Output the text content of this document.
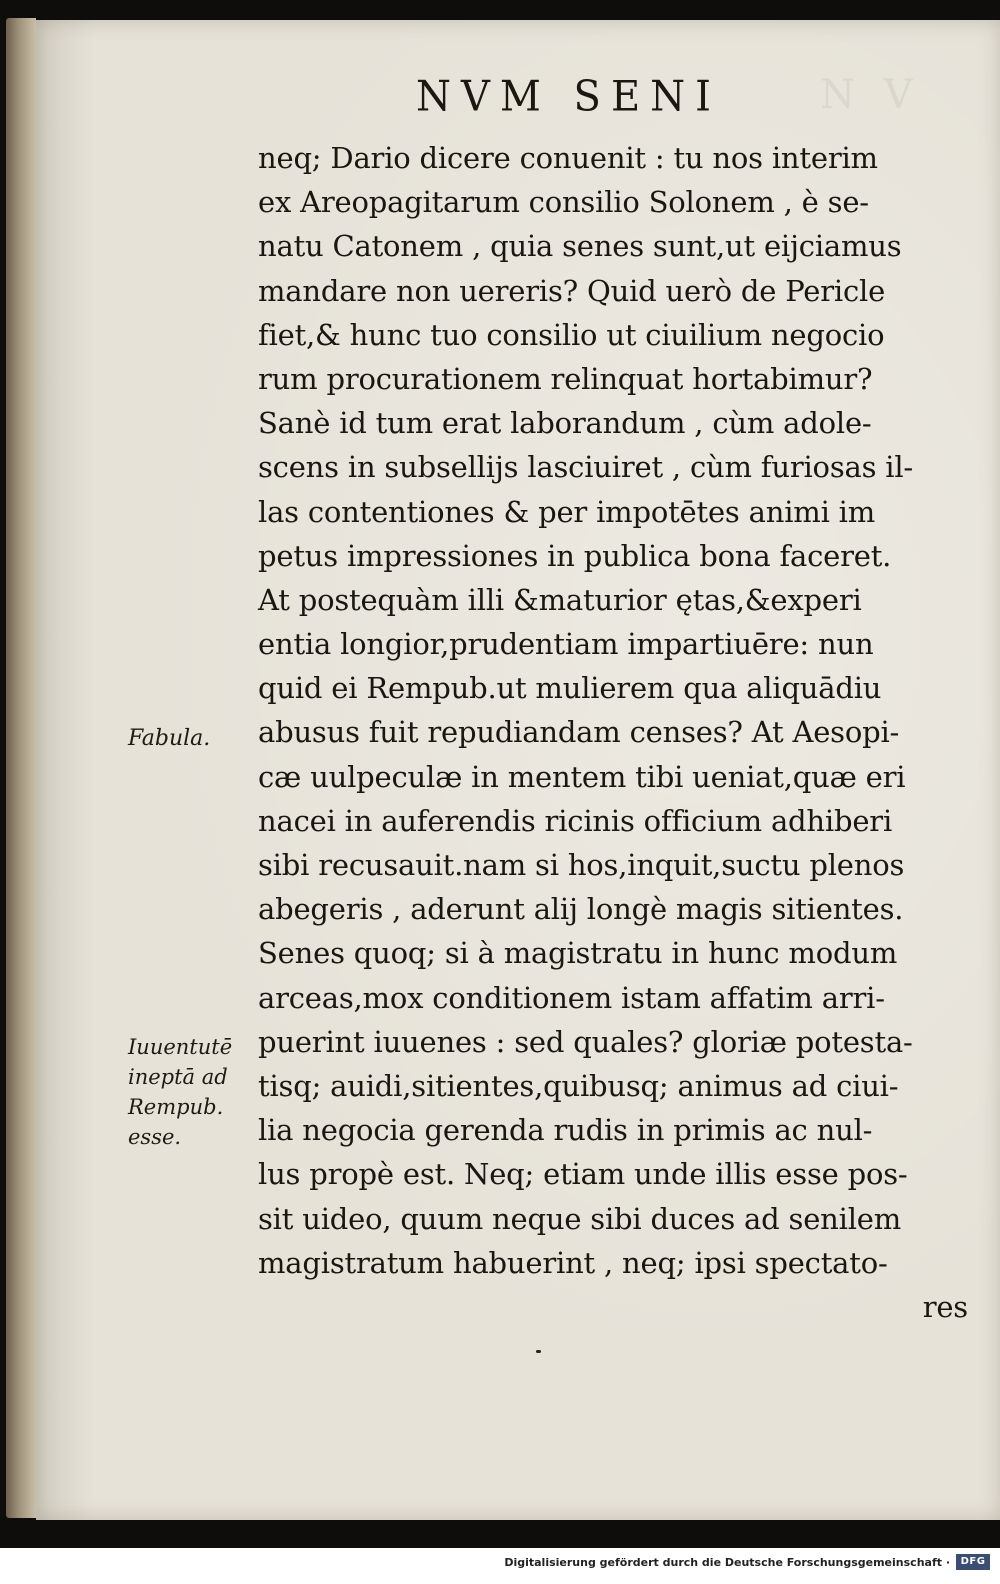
N V
NVM SENI
neq; Dario dicere conuenit : tu nos interim
ex Areopagitarum consilio Solonem , è se-
natu Catonem , quia senes sunt,ut eijciamus
mandare non uereris? Quid uerò de Pericle
fiet,& hunc tuo consilio ut ciuilium negocio
rum procurationem relinquat hortabimur?
Sanè id tum erat laborandum , cùm adole-
scens in subsellijs lasciuiret , cùm furiosas il-
las contentiones & per impotētes animi im
petus impressiones in publica bona faceret.
At postequàm illi &maturior ętas,&experi
entia longior,prudentiam impartiuēre: nun
quid ei Rempub.ut mulierem qua aliquādiu
abusus fuit repudiandam censes? At Aesopi-
cæ uulpeculæ in mentem tibi ueniat,quæ eri
nacei in auferendis ricinis officium adhiberi
sibi recusauit.nam si hos,inquit,suctu plenos
abegeris , aderunt alij longè magis sitientes.
Senes quoq; si à magistratu in hunc modum
arceas,mox conditionem istam affatim arri-
puerint iuuenes : sed quales? gloriæ potesta-
tisq; auidi,sitientes,quibusq; animus ad ciui-
lia negocia gerenda rudis in primis ac nul-
lus propè est. Neq; etiam unde illis esse pos-
sit uideo, quum neque sibi duces ad senilem
magistratum habuerint , neq; ipsi spectato-
res
Fabula.
Iuuentutē
ineptā ad
Rempub.
esse.
Digitalisierung gefördert durch die Deutsche Forschungsgemeinschaft ·	DFG
